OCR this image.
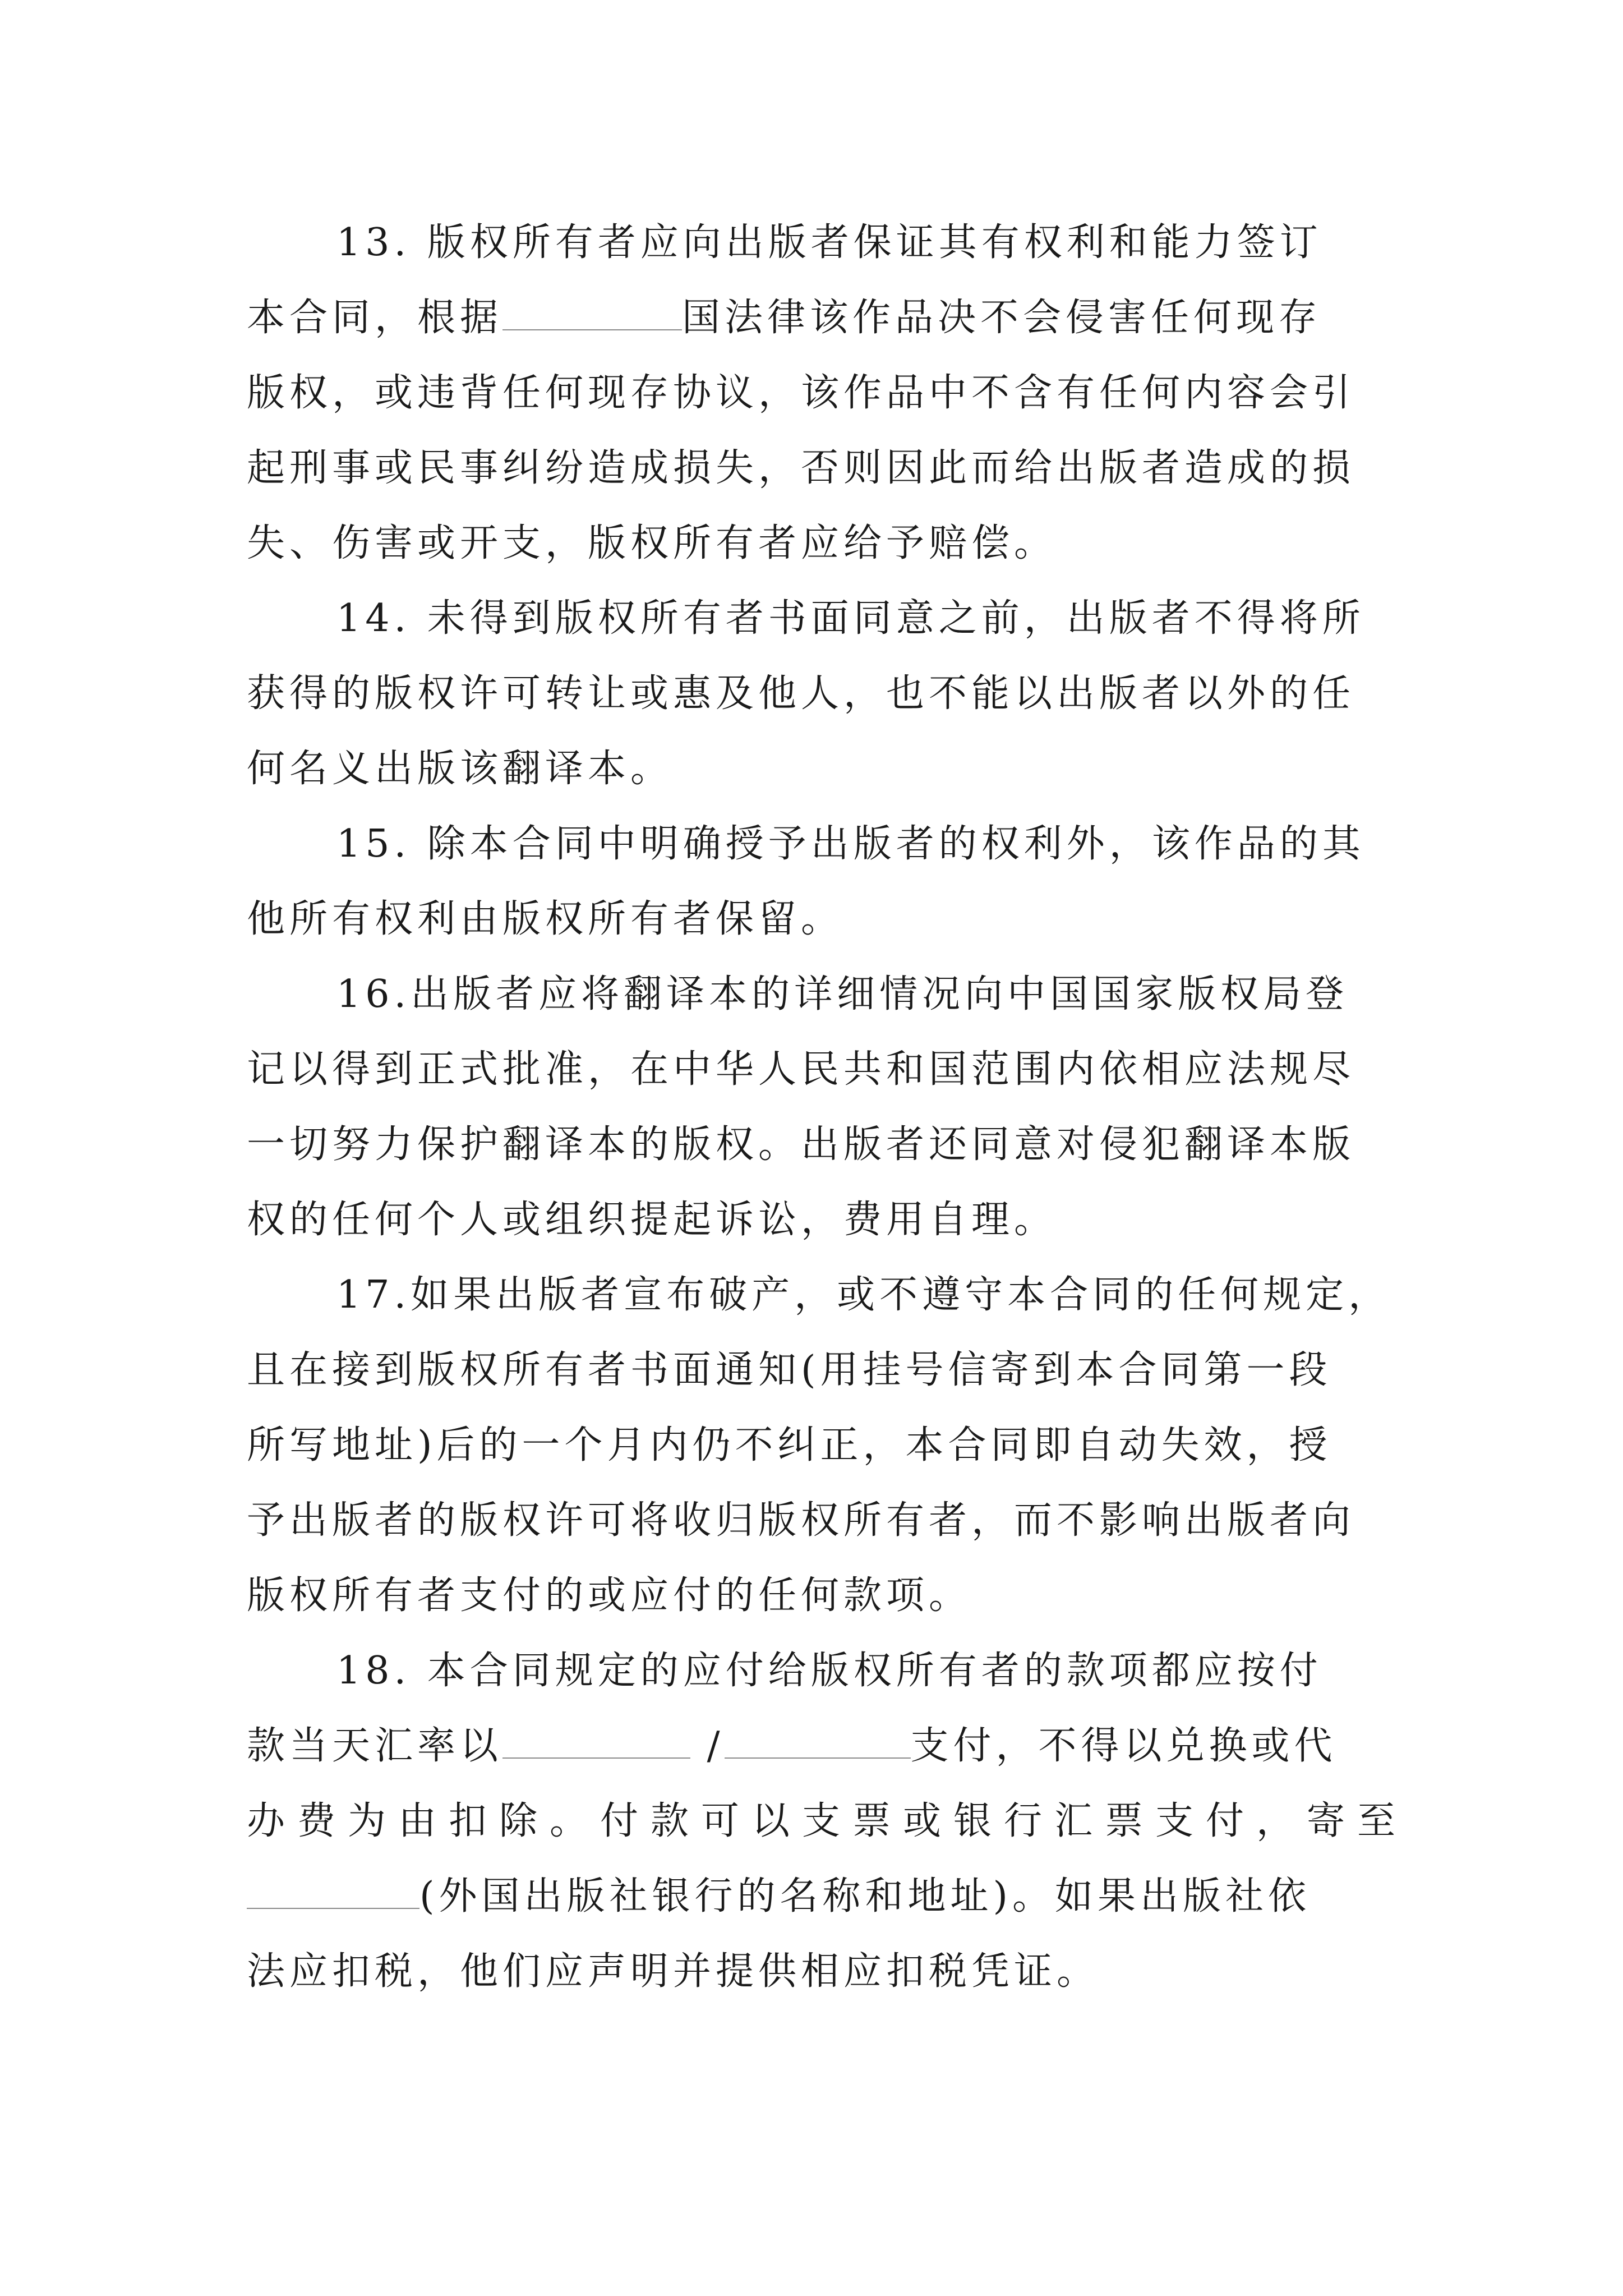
13. 版权所有者应向出版者保证其有权利和能力签订
本合同，根据	国法律该作品决不会侵害任何现存
版权，或违背任何现存协议，该作品中不含有任何内容会引
起刑事或民事纠纷造成损失，否则因此而给出版者造成的损
失、伤害或开支，版权所有者应给予赔偿。
14. 未得到版权所有者书面同意之前，出版者不得将所
获得的版权许可转让或惠及他人，也不能以出版者以外的任
何名义出版该翻译本。
15. 除本合同中明确授予出版者的权利外，该作品的其
他所有权利由版权所有者保留。
16.出版者应将翻译本的详细情况向中国国家版权局登
记以得到正式批准，在中华人民共和国范围内依相应法规尽
一切努力保护翻译本的版权。出版者还同意对侵犯翻译本版
权的任何个人或组织提起诉讼，费用自理。
17.如果出版者宣布破产，或不遵守本合同的任何规定，
且在接到版权所有者书面通知(用挂号信寄到本合同第一段
所写地址)后的一个月内仍不纠正，本合同即自动失效，授
予出版者的版权许可将收归版权所有者，而不影响出版者向
版权所有者支付的或应付的任何款项。
18. 本合同规定的应付给版权所有者的款项都应按付
款当天汇率以	/	支付，不得以兑换或代
办费为由扣除。付款可以支票或银行汇票支付，寄至
(外国出版社银行的名称和地址)。如果出版社依
法应扣税，他们应声明并提供相应扣税凭证。
